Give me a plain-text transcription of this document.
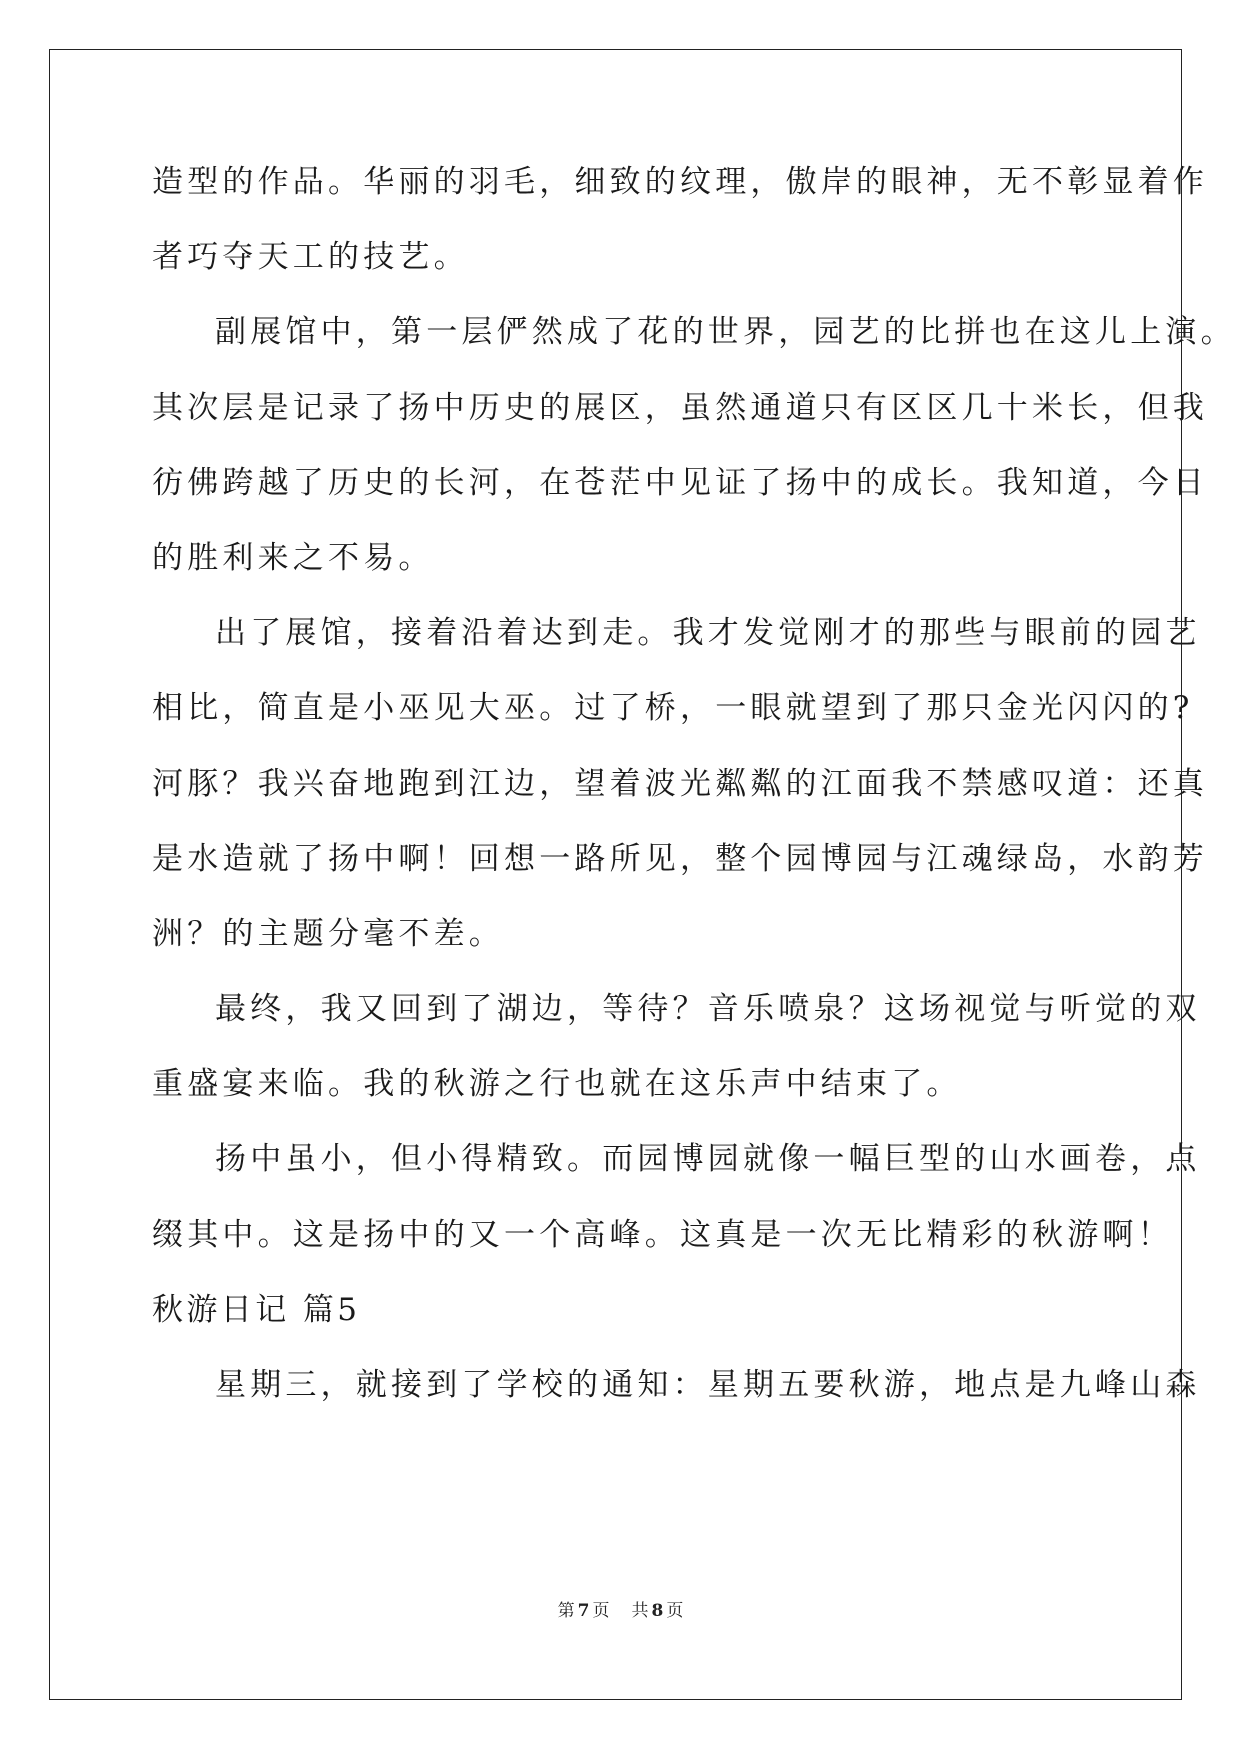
造型的作品。华丽的羽毛，细致的纹理，傲岸的眼神，无不彰显着作
者巧夺天工的技艺。
副展馆中，第一层俨然成了花的世界，园艺的比拼也在这儿上演。
其次层是记录了扬中历史的展区，虽然通道只有区区几十米长，但我
彷佛跨越了历史的长河，在苍茫中见证了扬中的成长。我知道，今日
的胜利来之不易。
出了展馆，接着沿着达到走。我才发觉刚才的那些与眼前的园艺
相比，简直是小巫见大巫。过了桥，一眼就望到了那只金光闪闪的?
河豚？我兴奋地跑到江边，望着波光粼粼的江面我不禁感叹道：还真
是水造就了扬中啊！回想一路所见，整个园博园与江魂绿岛，水韵芳
洲？的主题分毫不差。
最终，我又回到了湖边，等待？音乐喷泉？这场视觉与听觉的双
重盛宴来临。我的秋游之行也就在这乐声中结束了。
扬中虽小，但小得精致。而园博园就像一幅巨型的山水画卷，点
缀其中。这是扬中的又一个高峰。这真是一次无比精彩的秋游啊！
秋游日记 篇5
星期三，就接到了学校的通知：星期五要秋游，地点是九峰山森
第 7 页 共 8 页
